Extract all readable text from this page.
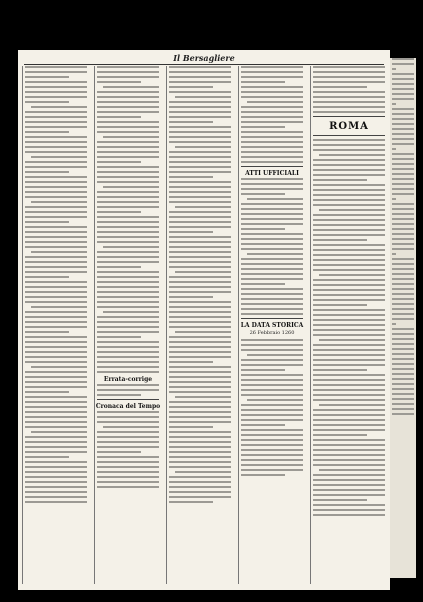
Il Bersagliere
Errata-corrige
Cronaca del Tempo
ATTI UFFICIALI
LA DATA STORICA
26 Febbraio 1260
ROMA
